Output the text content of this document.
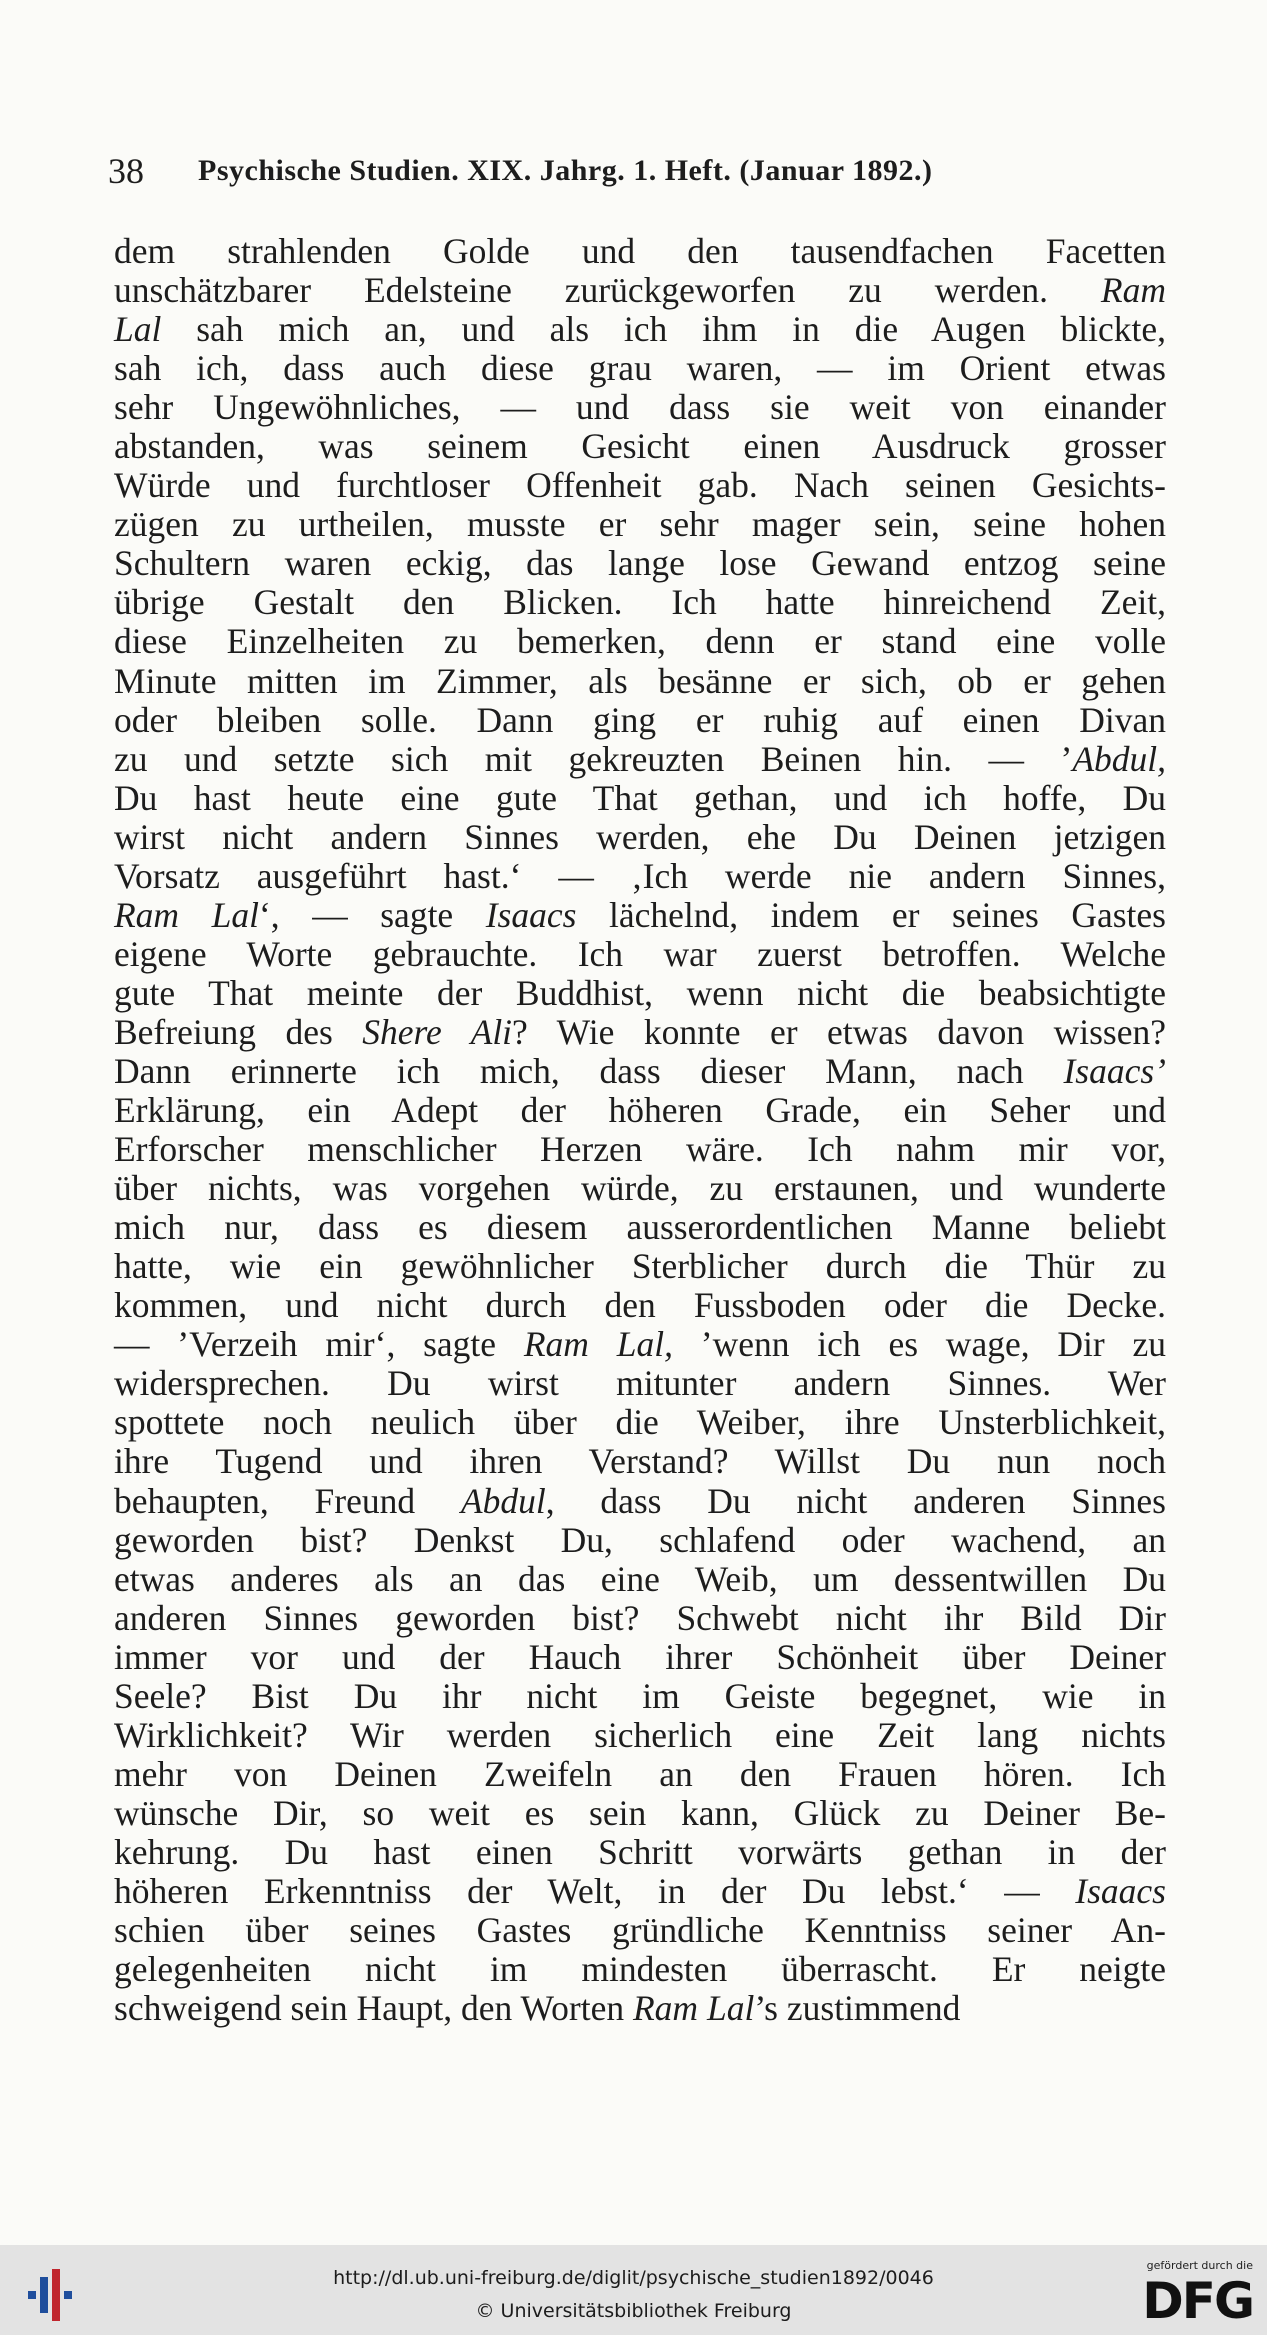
38 Psychische Studien. XIX. Jahrg. 1. Heft. (Januar 1892.)
dem strahlenden Golde und den tausendfachen Facetten
unschätzbarer Edelsteine zurückgeworfen zu werden. Ram
Lal sah mich an, und als ich ihm in die Augen blickte,
sah ich, dass auch diese grau waren, — im Orient etwas
sehr Ungewöhnliches, — und dass sie weit von einander
abstanden, was seinem Gesicht einen Ausdruck grosser
Würde und furchtloser Offenheit gab. Nach seinen Gesichts-
zügen zu urtheilen, musste er sehr mager sein, seine hohen
Schultern waren eckig, das lange lose Gewand entzog seine
übrige Gestalt den Blicken. Ich hatte hinreichend Zeit,
diese Einzelheiten zu bemerken, denn er stand eine volle
Minute mitten im Zimmer, als besänne er sich, ob er gehen
oder bleiben solle. Dann ging er ruhig auf einen Divan
zu und setzte sich mit gekreuzten Beinen hin. — ’Abdul,
Du hast heute eine gute That gethan, und ich hoffe, Du
wirst nicht andern Sinnes werden, ehe Du Deinen jetzigen
Vorsatz ausgeführt hast.‘ — ‚Ich werde nie andern Sinnes,
Ram Lal‘, — sagte Isaacs lächelnd, indem er seines Gastes
eigene Worte gebrauchte. Ich war zuerst betroffen. Welche
gute That meinte der Buddhist, wenn nicht die beabsichtigte
Befreiung des Shere Ali? Wie konnte er etwas davon wissen?
Dann erinnerte ich mich, dass dieser Mann, nach Isaacs’
Erklärung, ein Adept der höheren Grade, ein Seher und
Erforscher menschlicher Herzen wäre. Ich nahm mir vor,
über nichts, was vorgehen würde, zu erstaunen, und wunderte
mich nur, dass es diesem ausserordentlichen Manne beliebt
hatte, wie ein gewöhnlicher Sterblicher durch die Thür zu
kommen, und nicht durch den Fussboden oder die Decke.
— ’Verzeih mir‘, sagte Ram Lal, ’wenn ich es wage, Dir zu
widersprechen. Du wirst mitunter andern Sinnes. Wer
spottete noch neulich über die Weiber, ihre Unsterblichkeit,
ihre Tugend und ihren Verstand? Willst Du nun noch
behaupten, Freund Abdul, dass Du nicht anderen Sinnes
geworden bist? Denkst Du, schlafend oder wachend, an
etwas anderes als an das eine Weib, um dessentwillen Du
anderen Sinnes geworden bist? Schwebt nicht ihr Bild Dir
immer vor und der Hauch ihrer Schönheit über Deiner
Seele? Bist Du ihr nicht im Geiste begegnet, wie in
Wirklichkeit? Wir werden sicherlich eine Zeit lang nichts
mehr von Deinen Zweifeln an den Frauen hören. Ich
wünsche Dir, so weit es sein kann, Glück zu Deiner Be-
kehrung. Du hast einen Schritt vorwärts gethan in der
höheren Erkenntniss der Welt, in der Du lebst.‘ — Isaacs
schien über seines Gastes gründliche Kenntniss seiner An-
gelegenheiten nicht im mindesten überrascht. Er neigte
schweigend sein Haupt, den Worten Ram Lal’s zustimmend
http://dl.ub.uni-freiburg.de/diglit/psychische_studien1892/0046
© Universitätsbibliothek Freiburg
gefördert durch die
DFG
